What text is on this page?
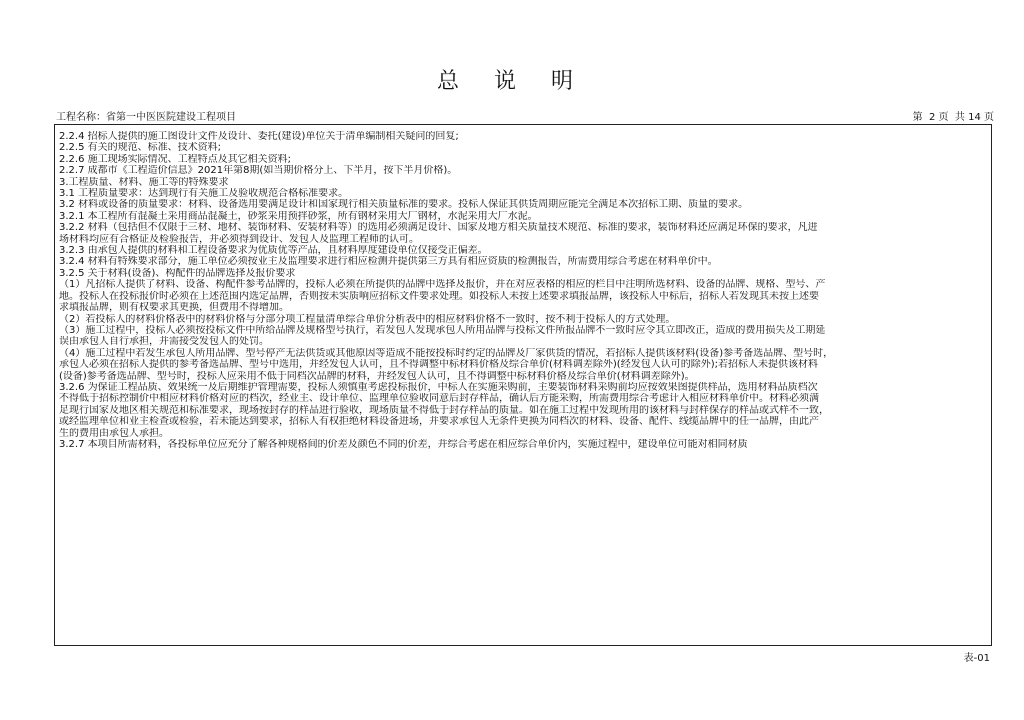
总 说 明
工程名称：省第一中医医院建设工程项目	第  2 页  共 14 页
2.2.4 招标人提供的施工图设计文件及设计、委托(建设)单位关于清单编制相关疑问的回复;
2.2.5 有关的规范、标准、技术资料;
2.2.6 施工现场实际情况、工程特点及其它相关资料;
2.2.7 成都市《工程造价信息》2021年第8期(如当期价格分上、下半月，按下半月价格)。
3.工程质量、材料、施工等的特殊要求
3.1 工程质量要求：达到现行有关施工及验收规范合格标准要求。
3.2 材料或设备的质量要求：材料、设备选用要满足设计和国家现行相关质量标准的要求。投标人保证其供货周期应能完全满足本次招标工期、质量的要求。
3.2.1 本工程所有混凝土采用商品混凝土，砂浆采用预拌砂浆，所有钢材采用大厂钢材，水泥采用大厂水泥。
3.2.2 材料（包括但不仅限于三材、地材、装饰材料、安装材料等）的选用必须满足设计、国家及地方相关质量技术规范、标准的要求，装饰材料还应满足环保的要求，凡进
场材料均应有合格证及检验报告，并必须得到设计、发包人及监理工程师的认可。
3.2.3 由承包人提供的材料和工程设备要求为优质优等产品，且材料厚度建设单位仅接受正偏差。
3.2.4 材料有特殊要求部分，施工单位必须按业主及监理要求进行相应检测并提供第三方具有相应资质的检测报告，所需费用综合考虑在材料单价中。
3.2.5 关于材料(设备)、构配件的品牌选择及报价要求
（1）凡招标人提供了材料、设备、构配件参考品牌的，投标人必须在所提供的品牌中选择及报价，并在对应表格的相应的栏目中注明所选材料、设备的品牌、规格、型号、产
地。投标人在投标报价时必须在上述范围内选定品牌，否则按未实质响应招标文件要求处理。如投标人未按上述要求填报品牌，该投标人中标后，招标人若发现其未按上述要
求填报品牌，则有权要求其更换，但费用不得增加。
（2）若投标人的材料价格表中的材料价格与分部分项工程量清单综合单价分析表中的相应材料价格不一致时，按不利于投标人的方式处理。
（3）施工过程中，投标人必须按投标文件中所给品牌及规格型号执行，若发包人发现承包人所用品牌与投标文件所报品牌不一致时应令其立即改正，造成的费用损失及工期延
误由承包人自行承担，并需接受发包人的处罚。
（4）施工过程中若发生承包人所用品牌、型号停产无法供货或其他原因等造成不能按投标时约定的品牌及厂家供货的情况，若招标人提供该材料(设备)参考备选品牌、型号时，
承包人必须在招标人提供的参考备选品牌、型号中选用，并经发包人认可，且不得调整中标材料价格及综合单价(材料调差除外)(经发包人认可的除外);若招标人未提供该材料
(设备)参考备选品牌、型号时，投标人应采用不低于同档次品牌的材料，并经发包人认可，且不得调整中标材料价格及综合单价(材料调差除外)。
3.2.6 为保证工程品质、效果统一及后期维护管理需要，投标人须慎重考虑投标报价，中标人在实施采购前，主要装饰材料采购前均应按效果图提供样品，选用材料品质档次
不得低于招标控制价中相应材料价格对应的档次，经业主、设计单位、监理单位验收同意后封存样品，确认后方能采购，所需费用综合考虑计入相应材料单价中。材料必须满
足现行国家及地区相关规范和标准要求，现场按封存的样品进行验收，现场质量不得低于封存样品的质量。如在施工过程中发现所用的该材料与封样保存的样品或式样不一致，
或经监理单位和业主检查或检验，若未能达到要求，招标人有权拒绝材料设备进场，并要求承包人无条件更换为同档次的材料、设备、配件、线缆品牌中的任一品牌，由此产
生的费用由承包人承担。
3.2.7 本项目所需材料，各投标单位应充分了解各种规格间的价差及颜色不同的价差，并综合考虑在相应综合单价内，实施过程中，建设单位可能对相同材质
表-01
